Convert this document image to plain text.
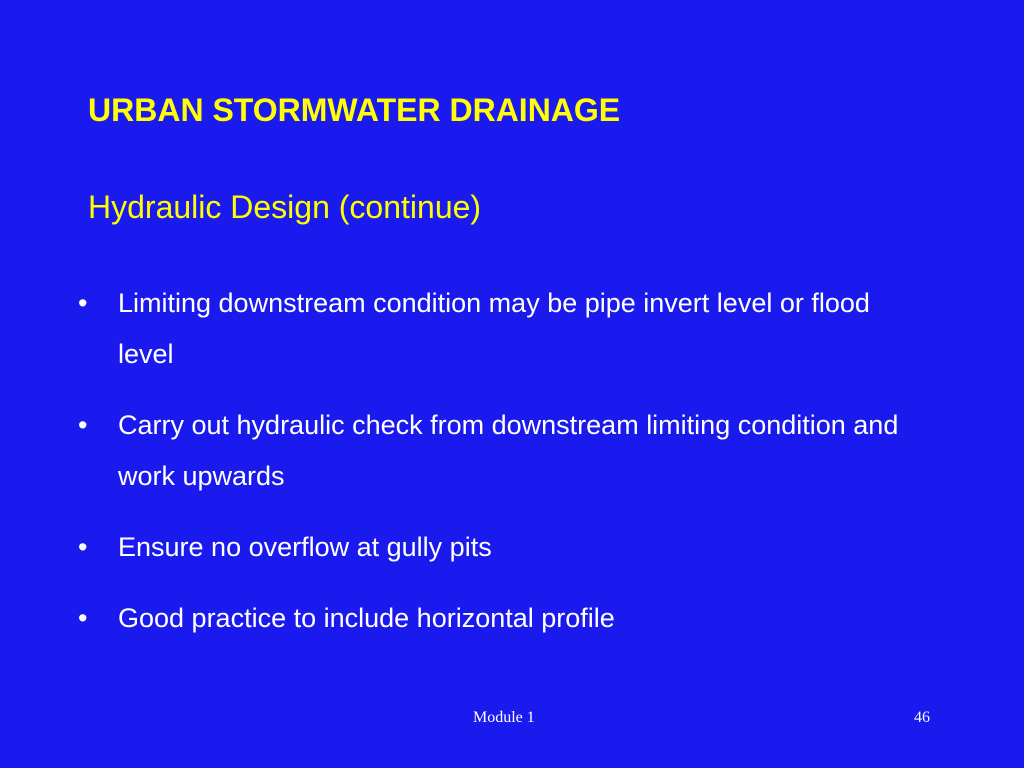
URBAN STORMWATER DRAINAGE
Hydraulic Design (continue)
•	Limiting downstream condition may be pipe invert level or flood level
•	Carry out hydraulic check from downstream limiting condition and work upwards
•	Ensure no overflow at gully pits
•	Good practice to include horizontal profile
Module 1	46
